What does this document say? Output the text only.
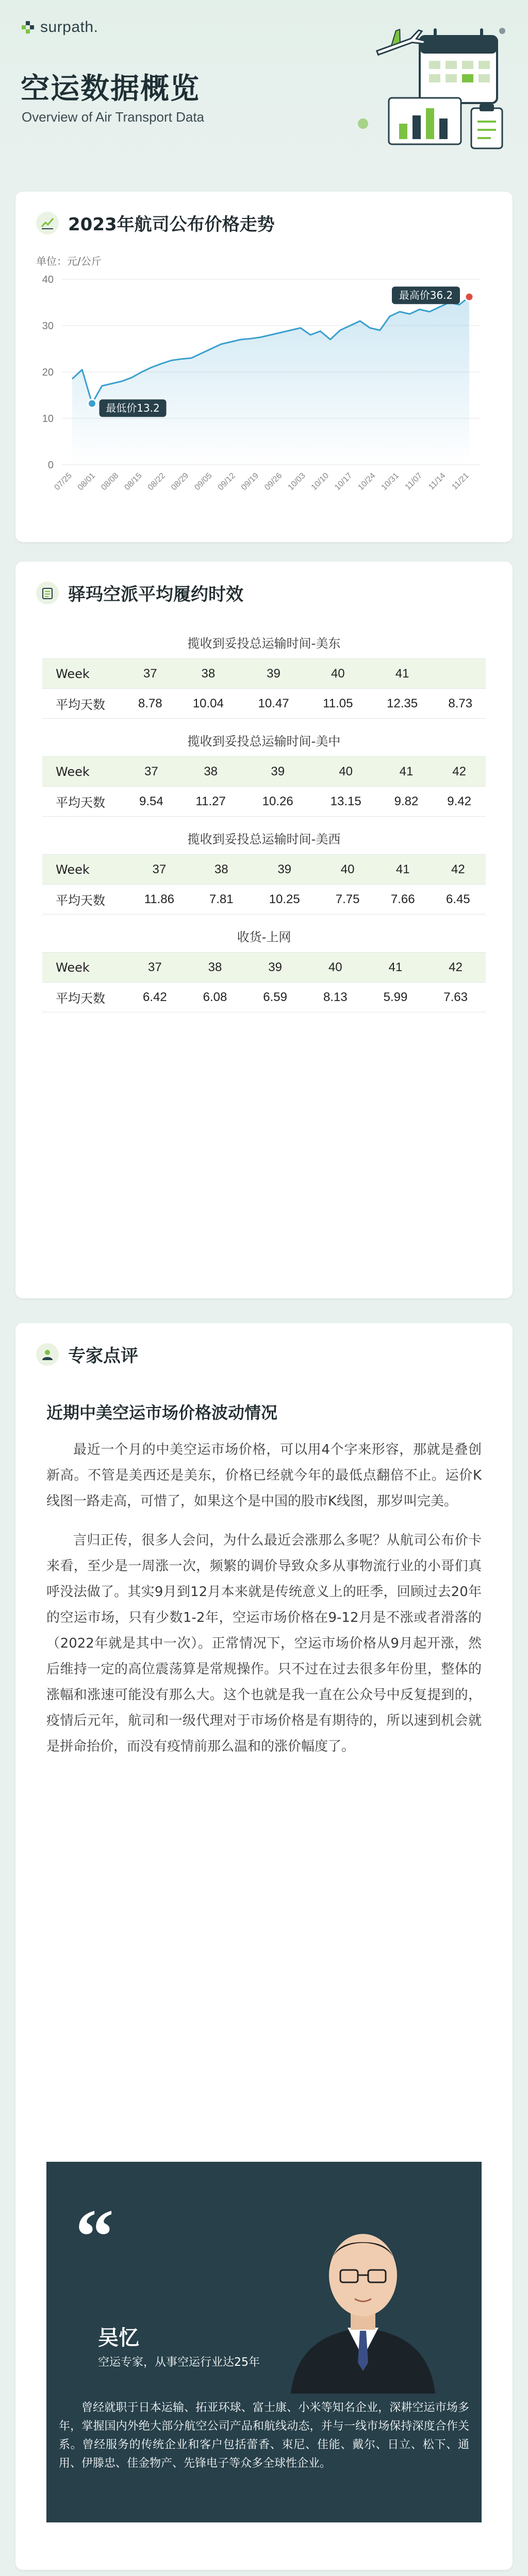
surpath.
空运数据概览
Overview of Air Transport Data
2023年航司公布价格走势
单位：元/公斤
0
10
20
30
40
07/25 08/01 08/08 08/15 08/22 08/29 09/05 09/12 09/19 09/26 10/03 10/10 10/17 10/24 10/31 11/07 11/14 11/21
最低价13.2
最高价36.2
驿玛空派平均履约时效
揽收到妥投总运输时间-美东
Week	37	38	39	40	41	
平均天数	8.78	10.04	10.47	11.05	12.35	8.73
揽收到妥投总运输时间-美中
Week	37	38	39	40	41	42
平均天数	9.54	11.27	10.26	13.15	9.82	9.42
揽收到妥投总运输时间-美西
Week	37	38	39	40	41	42
平均天数	11.86	7.81	10.25	7.75	7.66	6.45
收货-上网
Week	37	38	39	40	41	42
平均天数	6.42	6.08	6.59	8.13	5.99	7.63
专家点评
近期中美空运市场价格波动情况

最近一个月的中美空运市场价格，可以用4个字来形容，那就是叠创新高。不管是美西还是美东，价格已经就今年的最低点翻倍不止。运价K线图一路走高，可惜了，如果这个是中国的股市K线图，那岁叫完美。

言归正传，很多人会问，为什么最近会涨那么多呢？从航司公布价卡来看，至少是一周涨一次，频繁的调价导致众多从事物流行业的小哥们真呼没法做了。其实9月到12月本来就是传统意义上的旺季，回顾过去20年的空运市场，只有少数1-2年，空运市场价格在9-12月是不涨或者滑落的（2022年就是其中一次）。正常情况下，空运市场价格从9月起开涨，然后维持一定的高位震荡算是常规操作。只不过在过去很多年份里，整体的涨幅和涨速可能没有那么大。这个也就是我一直在公众号中反复提到的，疫情后元年，航司和一级代理对于市场价格是有期待的，所以速到机会就是拼命抬价，而没有疫情前那么温和的涨价幅度了。

“
吴忆
空运专家，从事空运行业达25年
曾经就职于日本运输、拓亚环球、富士康、小米等知名企业，深耕空运市场多年，掌握国内外绝大部分航空公司产品和航线动态，并与一线市场保持深度合作关系。曾经服务的传统企业和客户包括蕾香、束尼、佳能、戴尔、日立、松下、通用、伊滕忠、佳金物产、先锋电子等众多全球性企业。
